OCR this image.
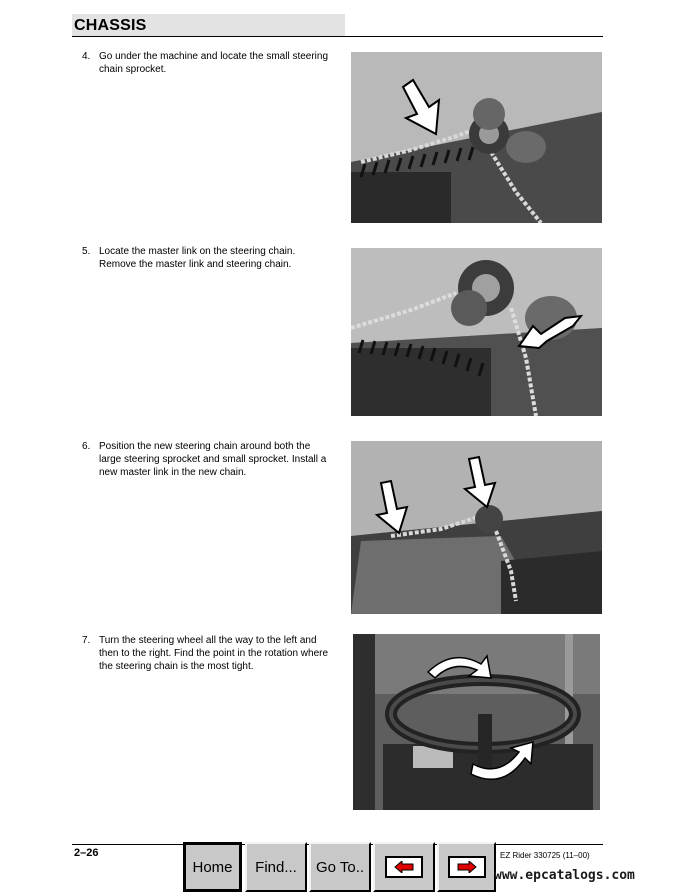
CHASSIS
4. Go under the machine and locate the small steering chain sprocket.
5. Locate the master link on the steering chain. Remove the master link and steering chain.
6. Position the new steering chain around both the large steering sprocket and small sprocket. Install a new master link in the new chain.
7. Turn the steering wheel all the way to the left and then to the right. Find the point in the rotation where the steering chain is the most tight.
2–26	EZ Rider 330725 (11–00)
Home	Find...	Go To..	www.epcatalogs.com
